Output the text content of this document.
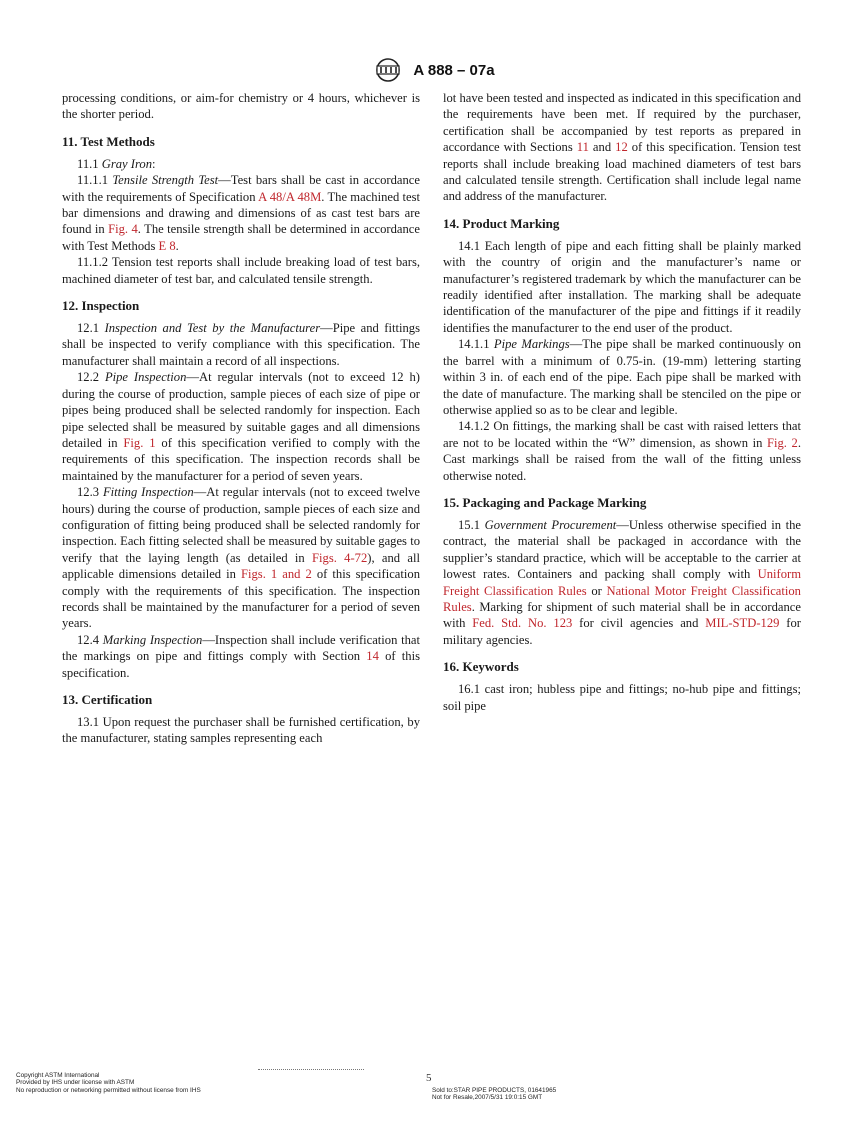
A 888 – 07a

processing conditions, or aim-for chemistry or 4 hours, whichever is the shorter period.

11. Test Methods

11.1 Gray Iron:

11.1.1 Tensile Strength Test—Test bars shall be cast in accordance with the requirements of Specification A 48/A 48M. The machined test bar dimensions and drawing and dimensions of as cast test bars are found in Fig. 4. The tensile strength shall be determined in accordance with Test Methods E 8.

11.1.2 Tension test reports shall include breaking load of test bars, machined diameter of test bar, and calculated tensile strength.

12. Inspection

12.1 Inspection and Test by the Manufacturer—Pipe and fittings shall be inspected to verify compliance with this specification. The manufacturer shall maintain a record of all inspections.

12.2 Pipe Inspection—At regular intervals (not to exceed 12 h) during the course of production, sample pieces of each size of pipe or pipes being produced shall be selected randomly for inspection. Each pipe selected shall be measured by suitable gages and all dimensions detailed in Fig. 1 of this specification verified to comply with the requirements of this specification. The inspection records shall be maintained by the manufacturer for a period of seven years.

12.3 Fitting Inspection—At regular intervals (not to exceed twelve hours) during the course of production, sample pieces of each size and configuration of fitting being produced shall be selected randomly for inspection. Each fitting selected shall be measured by suitable gages to verify that the laying length (as detailed in Figs. 4-72), and all applicable dimensions detailed in Figs. 1 and 2 of this specification comply with the requirements of this specification. The inspection records shall be maintained by the manufacturer for a period of seven years.

12.4 Marking Inspection—Inspection shall include verification that the markings on pipe and fittings comply with Section 14 of this specification.

13. Certification

13.1 Upon request the purchaser shall be furnished certification, by the manufacturer, stating samples representing each

lot have been tested and inspected as indicated in this specification and the requirements have been met. If required by the purchaser, certification shall be accompanied by test reports as prepared in accordance with Sections 11 and 12 of this specification. Tension test reports shall include breaking load machined diameters of test bars and calculated tensile strength. Certification shall include legal name and address of the manufacturer.

14. Product Marking

14.1 Each length of pipe and each fitting shall be plainly marked with the country of origin and the manufacturer’s name or manufacturer’s registered trademark by which the manufacturer can be readily identified after installation. The marking shall be adequate identification of the manufacturer of the pipe and fittings if it readily identifies the manufacturer to the end user of the product.

14.1.1 Pipe Markings—The pipe shall be marked continuously on the barrel with a minimum of 0.75-in. (19-mm) lettering starting within 3 in. of each end of the pipe. Each pipe shall be marked with the date of manufacture. The marking shall be stenciled on the pipe or otherwise applied so as to be clear and legible.

14.1.2 On fittings, the marking shall be cast with raised letters that are not to be located within the “W” dimension, as shown in Fig. 2. Cast markings shall be raised from the wall of the fitting unless otherwise noted.

15. Packaging and Package Marking

15.1 Government Procurement—Unless otherwise specified in the contract, the material shall be packaged in accordance with the supplier’s standard practice, which will be acceptable to the carrier at lowest rates. Containers and packing shall comply with Uniform Freight Classification Rules or National Motor Freight Classification Rules. Marking for shipment of such material shall be in accordance with Fed. Std. No. 123 for civil agencies and MIL-STD-129 for military agencies.

16. Keywords

16.1 cast iron; hubless pipe and fittings; no-hub pipe and fittings; soil pipe

5
Copyright ASTM International
Provided by IHS under license with ASTM
No reproduction or networking permitted without license from IHS	Sold to:STAR PIPE PRODUCTS, 01641965
Not for Resale,2007/5/31 19:0:15 GMT
